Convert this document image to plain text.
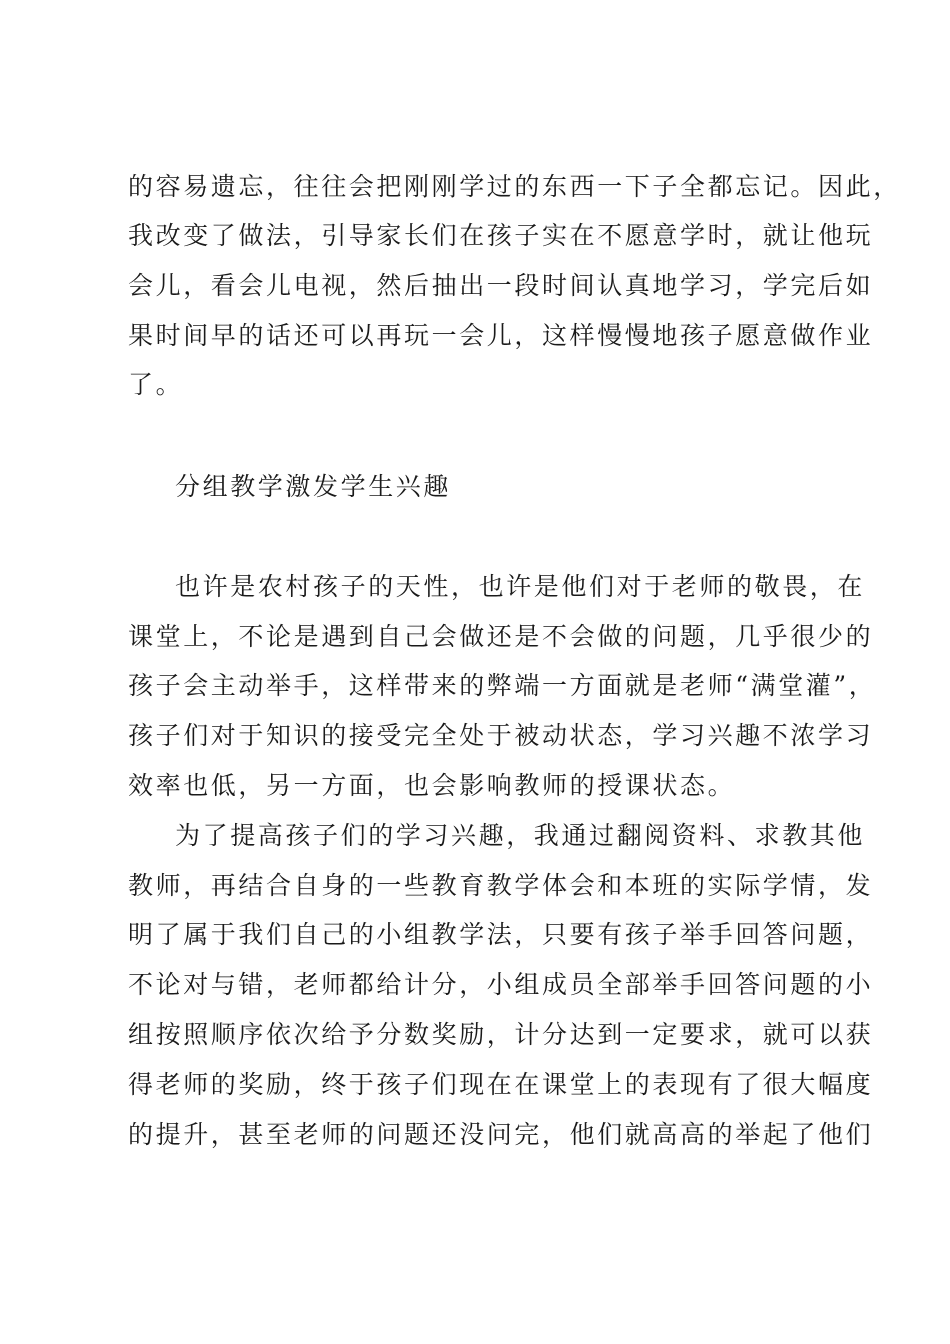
的容易遗忘，往往会把刚刚学过的东西一下子全都忘记。因此，
我改变了做法，引导家长们在孩子实在不愿意学时，就让他玩
会儿，看会儿电视，然后抽出一段时间认真地学习，学完后如
果时间早的话还可以再玩一会儿，这样慢慢地孩子愿意做作业
了。
分组教学激发学生兴趣
也许是农村孩子的天性，也许是他们对于老师的敬畏，在
课堂上，不论是遇到自己会做还是不会做的问题，几乎很少的
孩子会主动举手，这样带来的弊端一方面就是老师“满堂灌”，
孩子们对于知识的接受完全处于被动状态，学习兴趣不浓学习
效率也低，另一方面，也会影响教师的授课状态。
为了提高孩子们的学习兴趣，我通过翻阅资料、求教其他
教师，再结合自身的一些教育教学体会和本班的实际学情，发
明了属于我们自己的小组教学法，只要有孩子举手回答问题，
不论对与错，老师都给计分，小组成员全部举手回答问题的小
组按照顺序依次给予分数奖励，计分达到一定要求，就可以获
得老师的奖励，终于孩子们现在在课堂上的表现有了很大幅度
的提升，甚至老师的问题还没问完，他们就高高的举起了他们
